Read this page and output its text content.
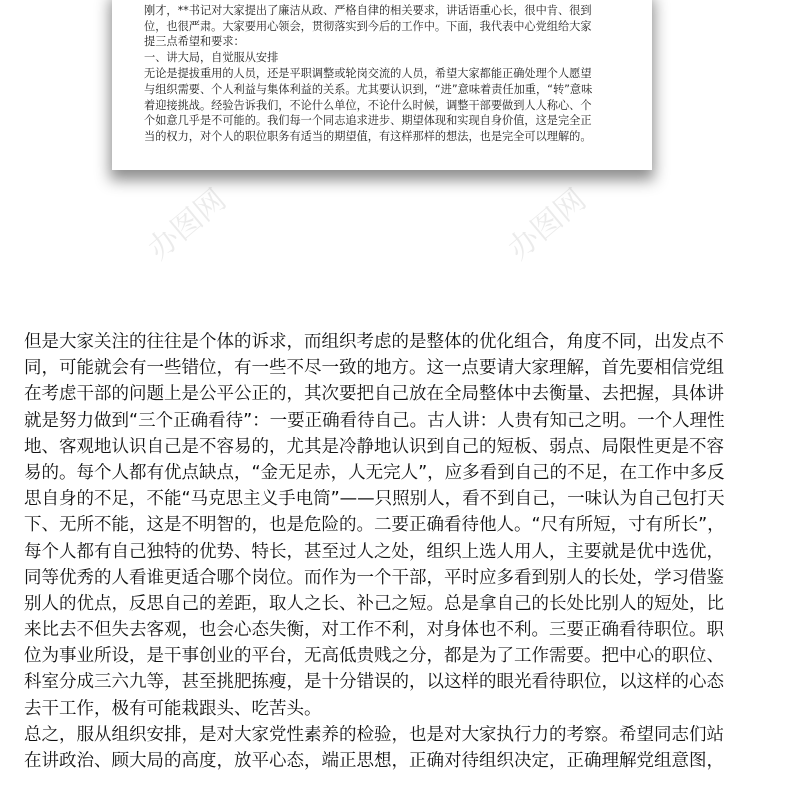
办图网	办图网
刚才，**书记对大家提出了廉洁从政、严格自律的相关要求，讲话语重心长，很中肯、很到
位，也很严肃。大家要用心领会，贯彻落实到今后的工作中。下面，我代表中心党组给大家
提三点希望和要求：
一、讲大局，自觉服从安排
无论是提拔重用的人员，还是平职调整或轮岗交流的人员，希望大家都能正确处理个人愿望
与组织需要、个人利益与集体利益的关系。尤其要认识到，“进”意味着责任加重，“转”意味
着迎接挑战。经验告诉我们，不论什么单位，不论什么时候，调整干部要做到人人称心、个
个如意几乎是不可能的。我们每一个同志追求进步、期望体现和实现自身价值，这是完全正
当的权力，对个人的职位职务有适当的期望值，有这样那样的想法，也是完全可以理解的。
但是大家关注的往往是个体的诉求，而组织考虑的是整体的优化组合，角度不同，出发点不
同，可能就会有一些错位，有一些不尽一致的地方。这一点要请大家理解，首先要相信党组
在考虑干部的问题上是公平公正的，其次要把自己放在全局整体中去衡量、去把握，具体讲
就是努力做到“三个正确看待”：一要正确看待自己。古人讲：人贵有知己之明。一个人理性
地、客观地认识自己是不容易的，尤其是冷静地认识到自己的短板、弱点、局限性更是不容
易的。每个人都有优点缺点，“金无足赤，人无完人”，应多看到自己的不足，在工作中多反
思自身的不足，不能“马克思主义手电筒”——只照别人，看不到自己，一味认为自己包打天
下、无所不能，这是不明智的，也是危险的。二要正确看待他人。“尺有所短，寸有所长”，
每个人都有自己独特的优势、特长，甚至过人之处，组织上选人用人，主要就是优中选优，
同等优秀的人看谁更适合哪个岗位。而作为一个干部，平时应多看到别人的长处，学习借鉴
别人的优点，反思自己的差距，取人之长、补己之短。总是拿自己的长处比别人的短处，比
来比去不但失去客观，也会心态失衡，对工作不利，对身体也不利。三要正确看待职位。职
位为事业所设，是干事创业的平台，无高低贵贱之分，都是为了工作需要。把中心的职位、
科室分成三六九等，甚至挑肥拣瘦，是十分错误的，以这样的眼光看待职位，以这样的心态
去干工作，极有可能栽跟头、吃苦头。
总之，服从组织安排，是对大家党性素养的检验，也是对大家执行力的考察。希望同志们站
在讲政治、顾大局的高度，放平心态，端正思想，正确对待组织决定，正确理解党组意图，
